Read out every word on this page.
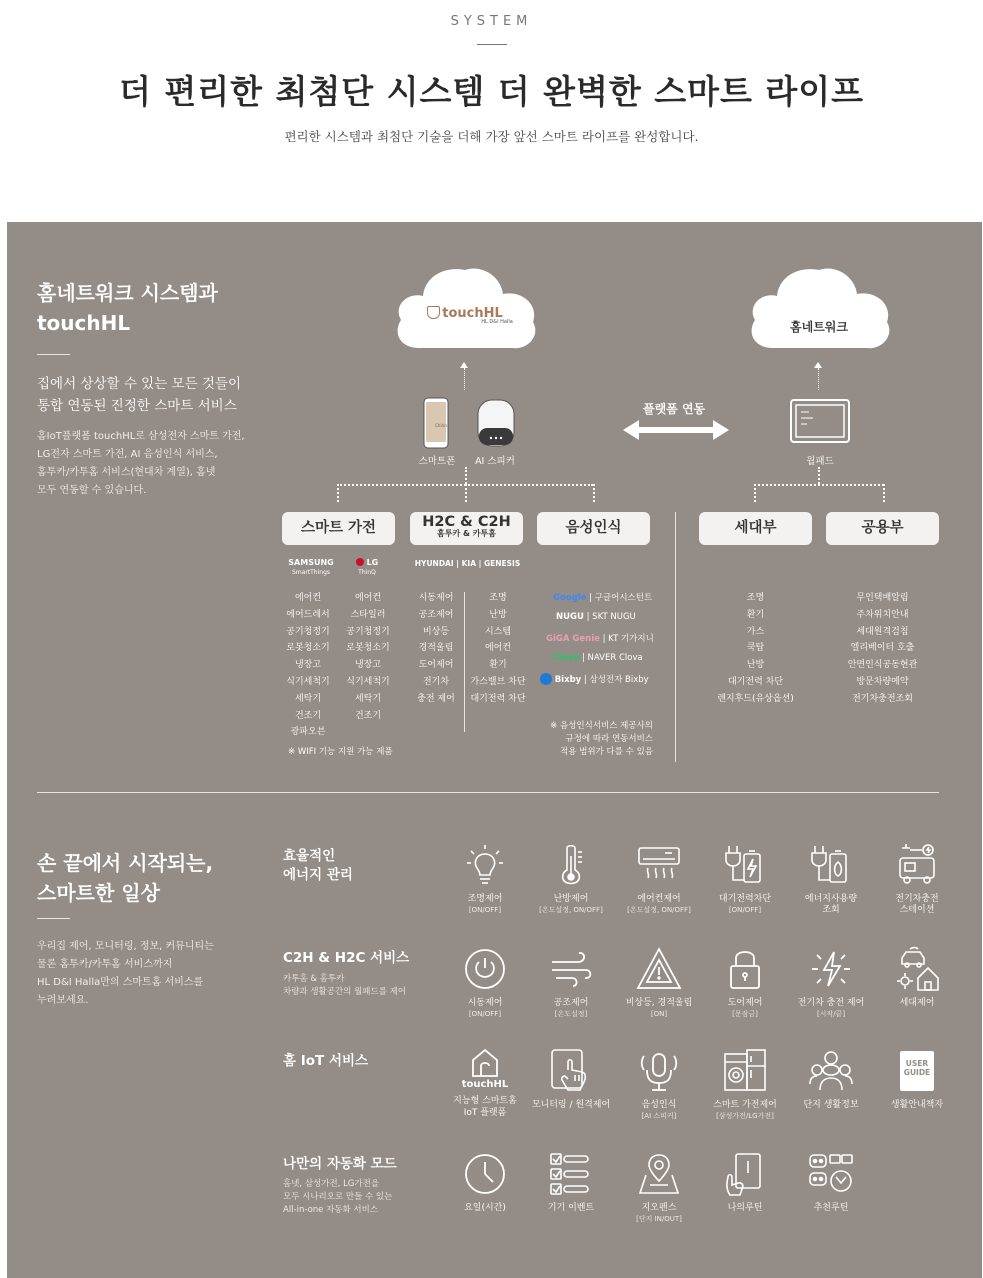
SYSTEM
더 편리한 최첨단 시스템 더 완벽한 스마트 라이프

편리한 시스템과 최첨단 기술을 더해 가장 앞선 스마트 라이프를 완성합니다.

홈네트워크 시스템과
touchHL
집에서 상상할 수 있는 모든 것들이
통합 연동된 진정한 스마트 서비스
홈IoT플랫폼 touchHL로 삼성전자 스마트 가전,
LG전자 스마트 가전, AI 음성인식 서비스,
홈투카/카투홈 서비스(현대차 계열), 홈넷
모두 연동할 수 있습니다.
touchHL
HL D&I Halla	홈네트워크
Chirin
스마트폰	AI 스피커
플랫폼 연동
월패드
스마트 가전	H2C & C2H
홈투카 & 카투홈	음성인식	세대부	공용부
SAMSUNG
SmartThings
LG
ThinQ
HYUNDAI | KIA | GENESIS
에어컨
에어드레서
공기청정기
로봇청소기
냉장고
식기세척기
세탁기
건조기
광파오븐
에어컨
스타일러
공기청정기
로봇청소기
냉장고
식기세척기
세탁기
건조기
※ WIFI 기능 지원 가능 제품
시동제어
공조제어
비상등
경적울림
도어제어
전기차
충전 제어
조명
난방
시스템
에어컨
환기
가스밸브 차단
대기전력 차단
Google | 구글어시스턴트
NUGU | SKT NUGU
GiGA Genie | KT 기가지니
Clova | NAVER Clova
Bixby | 삼성전자 Bixby
※ 음성인식서비스 제공사의
규정에 따라 연동서비스
적용 범위가 다를 수 있음
조명
환기
가스
쿡탑
난방
대기전력 차단
렌지후드(유상옵션)
무인택배알림
주차위치안내
세대원격검침
엘리베이터 호출
안면인식공동현관
방문차량예약
전기차충전조회
손 끝에서 시작되는,
스마트한 일상
우리집 제어, 모니터링, 정보, 커뮤니티는
물론 홈투카/카투홈 서비스까지
HL D&I Halla만의 스마트홈 서비스를
누려보세요.
효율적인
에너지 관리
조명제어
[ON/OFF]
난방제어
[온도설정, ON/OFF]
에어컨제어
[온도설정, ON/OFF]
대기전력차단
[ON/OFF]
에너지사용량
조회
전기차충전
스테이션
C2H & H2C 서비스
카투홈 & 홈투카
차량과 생활공간의 월패드를 제어
시동제어
[ON/OFF]
공조제어
[온도설정]
비상등, 경적울림
[ON]
도어제어
[문잠금]
전기차 충전 제어
[시작/끝]
세대제어
홈 IoT 서비스
touchHL
지능형 스마트홈
IoT 플랫폼
모니터링 / 원격제어	음성인식
[AI 스피커]
스마트 가전제어
[삼성가전/LG가전]
단지 생활정보
USER
GUIDE
생활안내책자
나만의 자동화 모드
홈넷, 삼성가전, LG가전을
모두 시나리오로 만들 수 있는
All-in-one 자동화 서비스	요일(시간)	기기 이벤트	지오펜스
[단지 IN/OUT]
나의루틴	추천루틴
